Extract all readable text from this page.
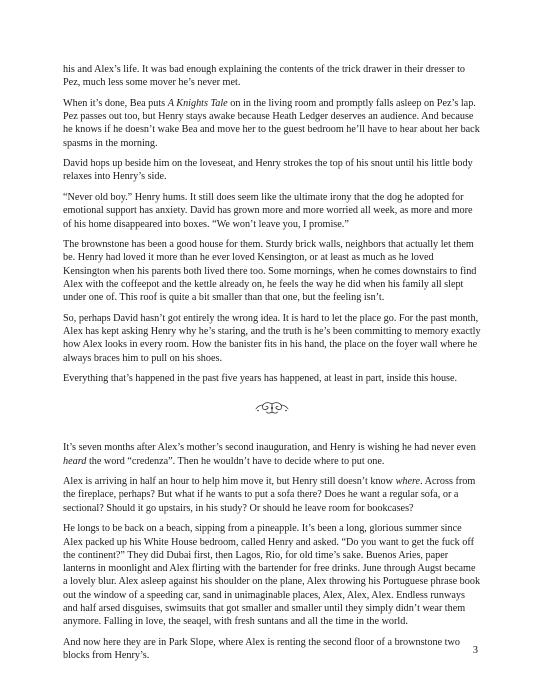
his and Alex’s life. It was bad enough explaining the contents of the trick drawer in their dresser to Pez, much less some mover he’s never met.

When it’s done, Bea puts A Knights Tale on in the living room and promptly falls asleep on Pez’s lap. Pez passes out too, but Henry stays awake because Heath Ledger deserves an audience. And because he knows if he doesn’t wake Bea and move her to the guest bedroom he’ll have to hear about her back spasms in the morning.

David hops up beside him on the loveseat, and Henry strokes the top of his snout until his little body relaxes into Henry’s side.

“Never old boy.” Henry hums. It still does seem like the ultimate irony that the dog he adopted for emotional support has anxiety. David has grown more and more worried all week, as more and more of his home disappeared into boxes. “We won’t leave you, I promise.”

The brownstone has been a good house for them. Sturdy brick walls, neighbors that actually let them be. Henry had loved it more than he ever loved Kensington, or at least as much as he loved Kensington when his parents both lived there too. Some mornings, when he comes downstairs to find Alex with the coffeepot and the kettle already on, he feels the way he did when his family all slept under one of. This roof is quite a bit smaller than that one, but the feeling isn’t.

So, perhaps David hasn’t got entirely the wrong idea. It is hard to let the place go. For the past month, Alex has kept asking Henry why he’s staring, and the truth is he’s been committing to memory exactly how Alex looks in every room. How the banister fits in his hand, the place on the foyer wall where he always braces him to pull on his shoes.

Everything that’s happened in the past five years has happened, at least in part, inside this house.

It’s seven months after Alex’s mother’s second inauguration, and Henry is wishing he had never even heard the word “credenza”. Then he wouldn’t have to decide where to put one.

Alex is arriving in half an hour to help him move it, but Henry still doesn’t know where. Across from the fireplace, perhaps? But what if he wants to put a sofa there? Does he want a regular sofa, or a sectional? Should it go upstairs, in his study? Or should he leave room for bookcases?

He longs to be back on a beach, sipping from a pineapple. It’s been a long, glorious summer since Alex packed up his White House bedroom, called Henry and asked. “Do you want to get the fuck off the continent?” They did Dubai first, then Lagos, Rio, for old time’s sake. Buenos Aries, paper lanterns in moonlight and Alex flirting with the bartender for free drinks. June through Augst became a lovely blur. Alex asleep against his shoulder on the plane, Alex throwing his Portuguese phrase book out the window of a speeding car, sand in unimaginable places, Alex, Alex, Alex. Endless runways and half arsed disguises, swimsuits that got smaller and smaller until they simply didn’t wear them anymore. Falling in love, the seaqel, with fresh suntans and all the time in the world.

And now here they are in Park Slope, where Alex is renting the second floor of a brownstone two blocks from Henry’s.	3
